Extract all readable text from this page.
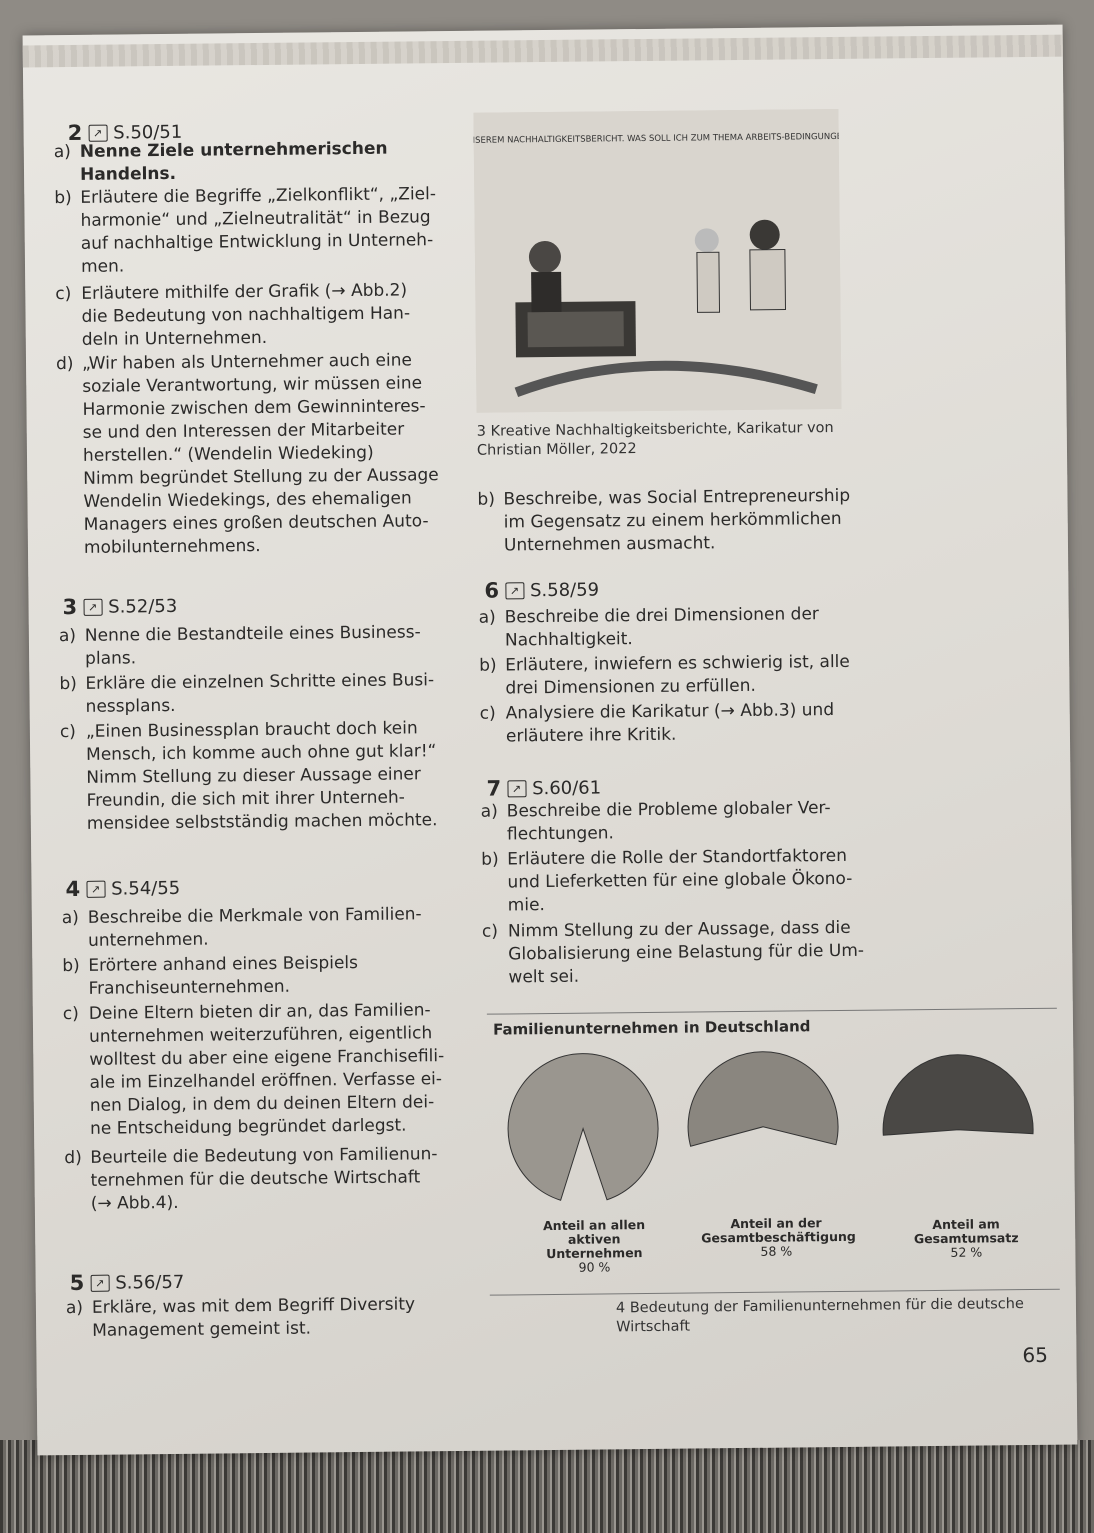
2 ↗ S.50/51
a) Nenne Ziele unternehmerischen
Handelns.
b) Erläutere die Begriffe „Zielkonflikt“, „Ziel-
harmonie“ und „Zielneutralität“ in Bezug
auf nachhaltige Entwicklung in Unterneh-
men.
c) Erläutere mithilfe der Grafik (→ Abb.2)
die Bedeutung von nachhaltigem Han-
deln in Unternehmen.
d) „Wir haben als Unternehmer auch eine
soziale Verantwortung, wir müssen eine
Harmonie zwischen dem Gewinninteres-
se und den Interessen der Mitarbeiter
herstellen.“ (Wendelin Wiedeking)
Nimm begründet Stellung zu der Aussage
Wendelin Wiedekings, des ehemaligen
Managers eines großen deutschen Auto-
mobilunternehmens.
3 ↗ S.52/53
a) Nenne die Bestandteile eines Business-
plans.
b) Erkläre die einzelnen Schritte eines Busi-
nessplans.
c) „Einen Businessplan braucht doch kein
Mensch, ich komme auch ohne gut klar!“
Nimm Stellung zu dieser Aussage einer
Freundin, die sich mit ihrer Unterneh-
mensidee selbstständig machen möchte.
4 ↗ S.54/55
a) Beschreibe die Merkmale von Familien-
unternehmen.
b) Erörtere anhand eines Beispiels
Franchiseunternehmen.
c) Deine Eltern bieten dir an, das Familien-
unternehmen weiterzuführen, eigentlich
wolltest du aber eine eigene Franchisefili-
ale im Einzelhandel eröffnen. Verfasse ei-
nen Dialog, in dem du deinen Eltern dei-
ne Entscheidung begründet darlegst.
d) Beurteile die Bedeutung von Familienun-
ternehmen für die deutsche Wirtschaft
(→ Abb.4).
5 ↗ S.56/57
a) Erkläre, was mit dem Begriff Diversity
Management gemeint ist.
UNSEREM NACHHALTIGKEITSBERICHT. WAS SOLL ICH ZUM THEMA ARBEITS-BEDINGUNGEN
3 Kreative Nachhaltigkeitsberichte, Karikatur von
Christian Möller, 2022
b) Beschreibe, was Social Entrepreneurship
im Gegensatz zu einem herkömmlichen
Unternehmen ausmacht.
6 ↗ S.58/59
a) Beschreibe die drei Dimensionen der
Nachhaltigkeit.
b) Erläutere, inwiefern es schwierig ist, alle
drei Dimensionen zu erfüllen.
c) Analysiere die Karikatur (→ Abb.3) und
erläutere ihre Kritik.
7 ↗ S.60/61
a) Beschreibe die Probleme globaler Ver-
flechtungen.
b) Erläutere die Rolle der Standortfaktoren
und Lieferketten für eine globale Ökono-
mie.
c) Nimm Stellung zu der Aussage, dass die
Globalisierung eine Belastung für die Um-
welt sei.
Familienunternehmen in Deutschland
Anteil an allen aktiven Unternehmen
90 %
Anteil an der Gesamtbeschäftigung
58 %
Anteil am Gesamtumsatz
52 %
4 Bedeutung der Familienunternehmen für die deutsche Wirtschaft
65
